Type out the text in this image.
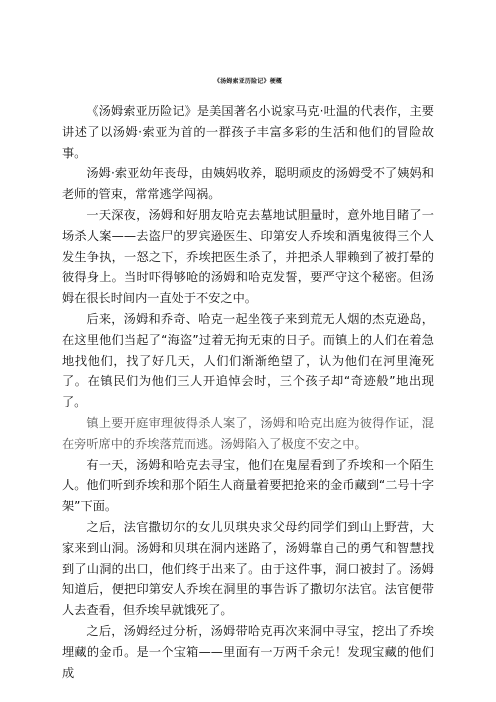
《汤姆索亚历险记》梗概

《汤姆索亚历险记》是美国著名小说家马克·吐温的代表作，主要讲述了以汤姆·索亚为首的一群孩子丰富多彩的生活和他们的冒险故事。

汤姆·索亚幼年丧母，由姨妈收养，聪明顽皮的汤姆受不了姨妈和老师的管束，常常逃学闯祸。

一天深夜，汤姆和好朋友哈克去墓地试胆量时，意外地目睹了一场杀人案——去盗尸的罗宾逊医生、印第安人乔埃和酒鬼彼得三个人发生争执，一怒之下，乔埃把医生杀了，并把杀人罪赖到了被打晕的彼得身上。当时吓得够呛的汤姆和哈克发誓，要严守这个秘密。但汤姆在很长时间内一直处于不安之中。

后来，汤姆和乔奇、哈克一起坐筏子来到荒无人烟的杰克逊岛，在这里他们当起了“海盗”过着无拘无束的日子。而镇上的人们在着急地找他们，找了好几天，人们们渐渐绝望了，认为他们在河里淹死了。在镇民们为他们三人开追悼会时，三个孩子却“奇迹般”地出现了。

镇上要开庭审理彼得杀人案了，汤姆和哈克出庭为彼得作证，混在旁听席中的乔埃落荒而逃。汤姆陷入了极度不安之中。

有一天，汤姆和哈克去寻宝，他们在鬼屋看到了乔埃和一个陌生人。他们听到乔埃和那个陌生人商量着要把抢来的金币藏到“二号十字架”下面。

之后，法官撒切尔的女儿贝琪央求父母约同学们到山上野营，大家来到山洞。汤姆和贝琪在洞内迷路了，汤姆靠自己的勇气和智慧找到了山洞的出口，他们终于出来了。由于这件事，洞口被封了。汤姆知道后，便把印第安人乔埃在洞里的事告诉了撒切尔法官。法官便带人去查看，但乔埃早就饿死了。

之后，汤姆经过分析，汤姆带哈克再次来洞中寻宝，挖出了乔埃埋藏的金币。是一个宝箱——里面有一万两千余元！发现宝藏的他们成
